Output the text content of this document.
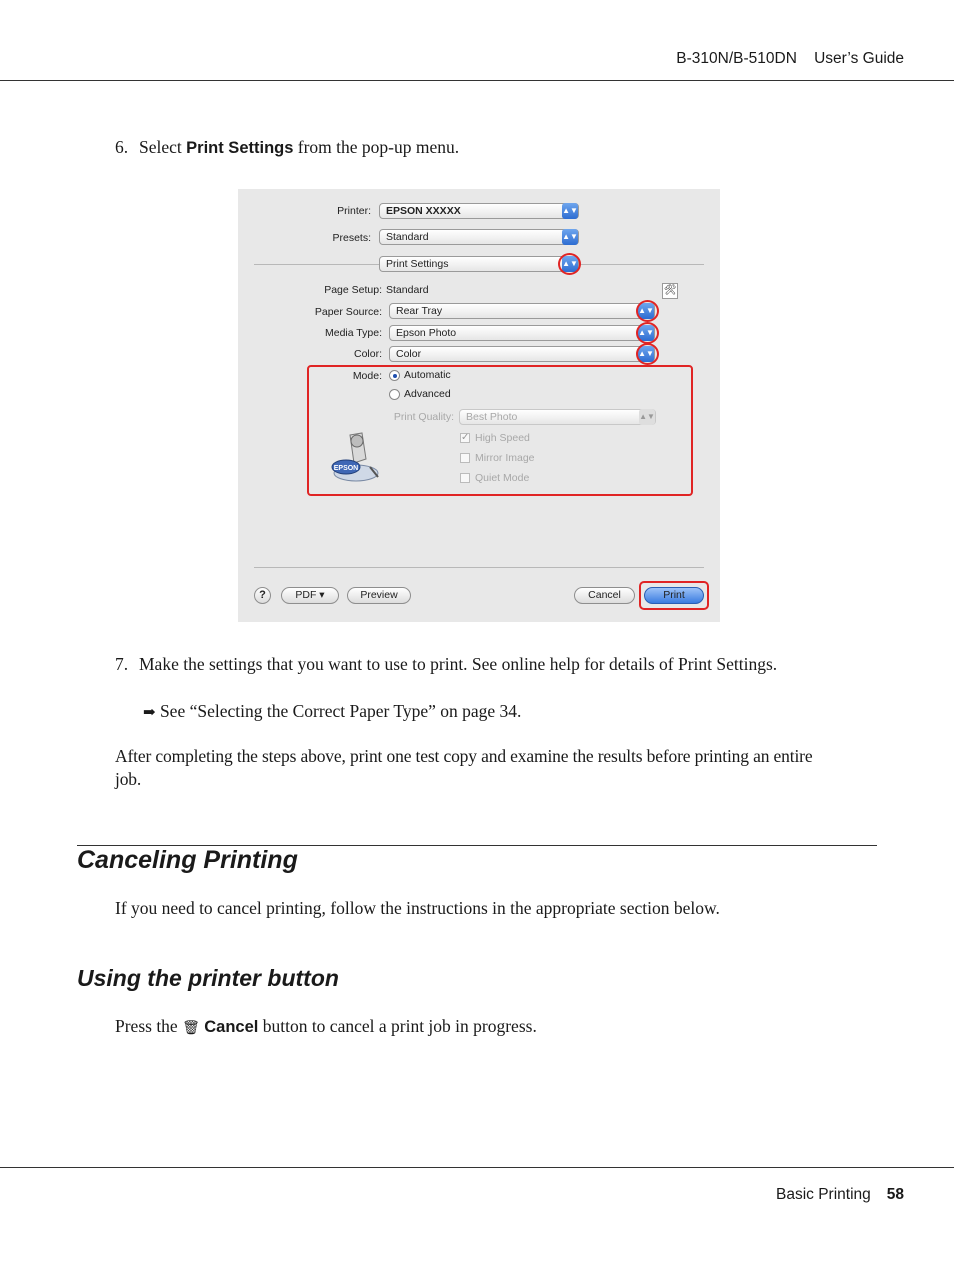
B-310N/B-510DN    User’s Guide
6. Select Print Settings from the pop-up menu.
Printer:	EPSON XXXXX	▲▼
Presets:	Standard	▲▼
Print Settings	▲▼
Page Setup: Standard	🛠
Paper Source:	Rear Tray	▲▼
Media Type:	Epson Photo	▲▼
Color:	Color	▲▼
Mode: Automatic
Advanced
Print Quality:	Best Photo	▲▼
✓ High Speed
Mirror Image
Quiet Mode
EPSON
?	PDF ▾	Preview	Cancel	Print
7. Make the settings that you want to use to print. See online help for details of Print Settings.
➡ See “Selecting the Correct Paper Type” on page 34.
After completing the steps above, print one test copy and examine the results before printing an entire
job.
Canceling Printing
If you need to cancel printing, follow the instructions in the appropriate section below.
Using the printer button
Press the 🗑 Cancel button to cancel a print job in progress.
Basic Printing 58
